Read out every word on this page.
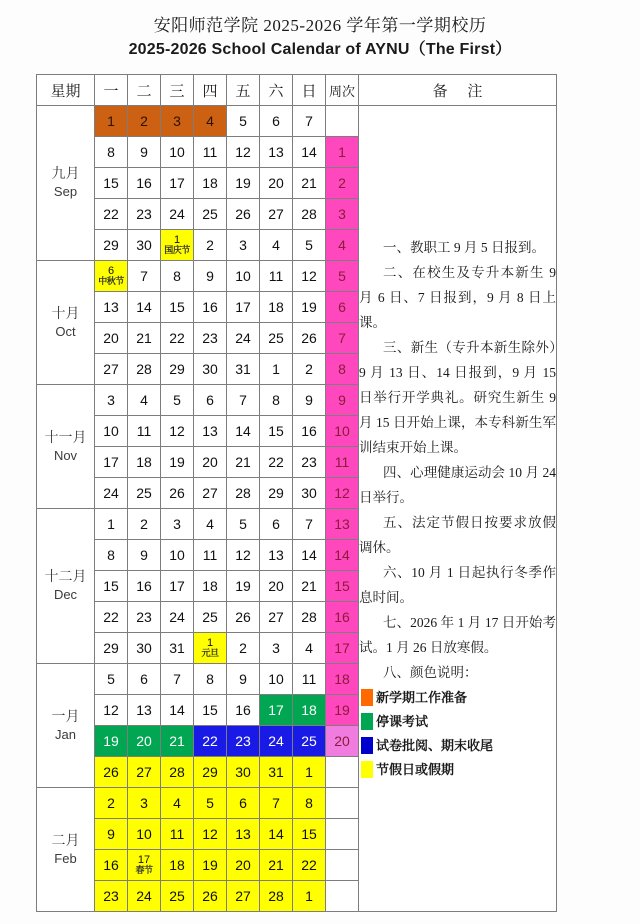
安阳师范学院 2025-2026 学年第一学期校历
2025-2026 School Calendar of AYNU（The First）
星期	一	二	三	四	五	六	日	周次	备 注

九月
Sep

1	2	3	4	5	6	7

一、教职工 9 月 5 日报到。

二、在校生及专升本新生 9 月 6 日、7 日报到，9 月 8 日上课。

三、新生（专升本新生除外）9 月 13 日、14 日报到，9 月 15 日举行开学典礼。研究生新生 9 月 15 日开始上课，本专科新生军训结束开始上课。

四、心理健康运动会 10 月 24 日举行。

五、法定节假日按要求放假调休。

六、10 月 1 日起执行冬季作息时间。

七、2026 年 1 月 17 日开始考试。1 月 26 日放寒假。

八、颜色说明：

新学期工作准备
停课考试
试卷批阅、期末收尾
节假日或假期

	8	9	10	11	12	13	14	1	

	15	16	17	18	19	20	21	2	

	22	23	24	25	26	27	28	3	

	29	30	1
国庆节	2	3	4	5	4	

十月
Oct	6
中秋节	7	8	9	10	11	12	5	

	13	14	15	16	17	18	19	6	

	20	21	22	23	24	25	26	7	

	27	28	29	30	31	1	2	8	

十一月
Nov	3	4	5	6	7	8	9	9	

	10	11	12	13	14	15	16	10	

	17	18	19	20	21	22	23	11	

	24	25	26	27	28	29	30	12	

十二月
Dec	1	2	3	4	5	6	7	13	

	8	9	10	11	12	13	14	14	

	15	16	17	18	19	20	21	15	

	22	23	24	25	26	27	28	16	

	29	30	31	1
元旦	2	3	4	17	

一月
Jan	5	6	7	8	9	10	11	18	

	12	13	14	15	16	17	18	19	

	19	20	21	22	23	24	25	20	

	26	27	28	29	30	31	1		

二月
Feb	2	3	4	5	6	7	8		

	9	10	11	12	13	14	15		

	16	17
春节	18	19	20	21	22		

	23	24	25	26	27	28	1		
